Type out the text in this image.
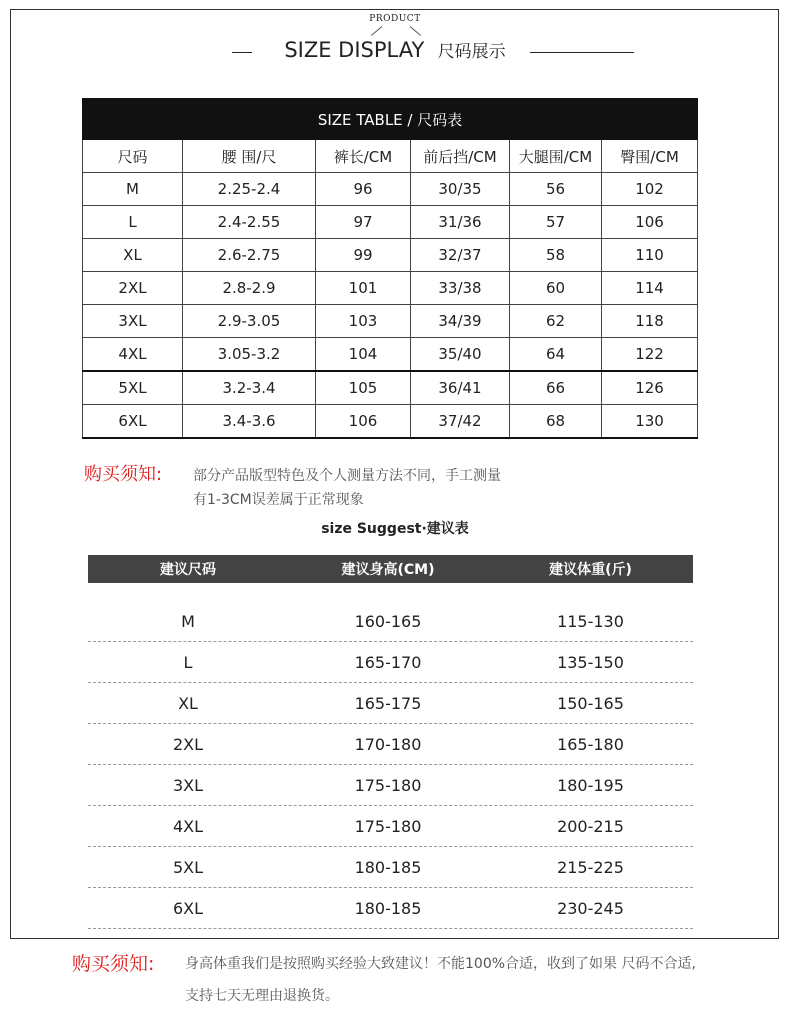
PRODUCT
SIZE DISPLAY 尺码展示
SIZE TABLE / 尺码表					
尺码	腰 围/尺	裤长/CM	前后挡/CM	大腿围/CM	臀围/CM
M	2.25-2.4	96	30/35	56	102
L	2.4-2.55	97	31/36	57	106
XL	2.6-2.75	99	32/37	58	110
2XL	2.8-2.9	101	33/38	60	114
3XL	2.9-3.05	103	34/39	62	118
4XL	3.05-3.2	104	35/40	64	122
5XL	3.2-3.4	105	36/41	66	126
6XL	3.4-3.6	106	37/42	68	130
购买须知: 部分产品版型特色及个人测量方法不同，手工测量
有1-3CM误差属于正常现象
size Suggest·建议表
建议尺码	建议身高(CM)	建议体重(斤)
M	160-165	115-130
L	165-170	135-150
XL	165-175	150-165
2XL	170-180	165-180
3XL	175-180	180-195
4XL	175-180	200-215
5XL	180-185	215-225
6XL	180-185	230-245
购买须知: 身高体重我们是按照购买经验大致建议！不能100%合适，收到了如果 尺码不合适,
支持七天无理由退换货。
